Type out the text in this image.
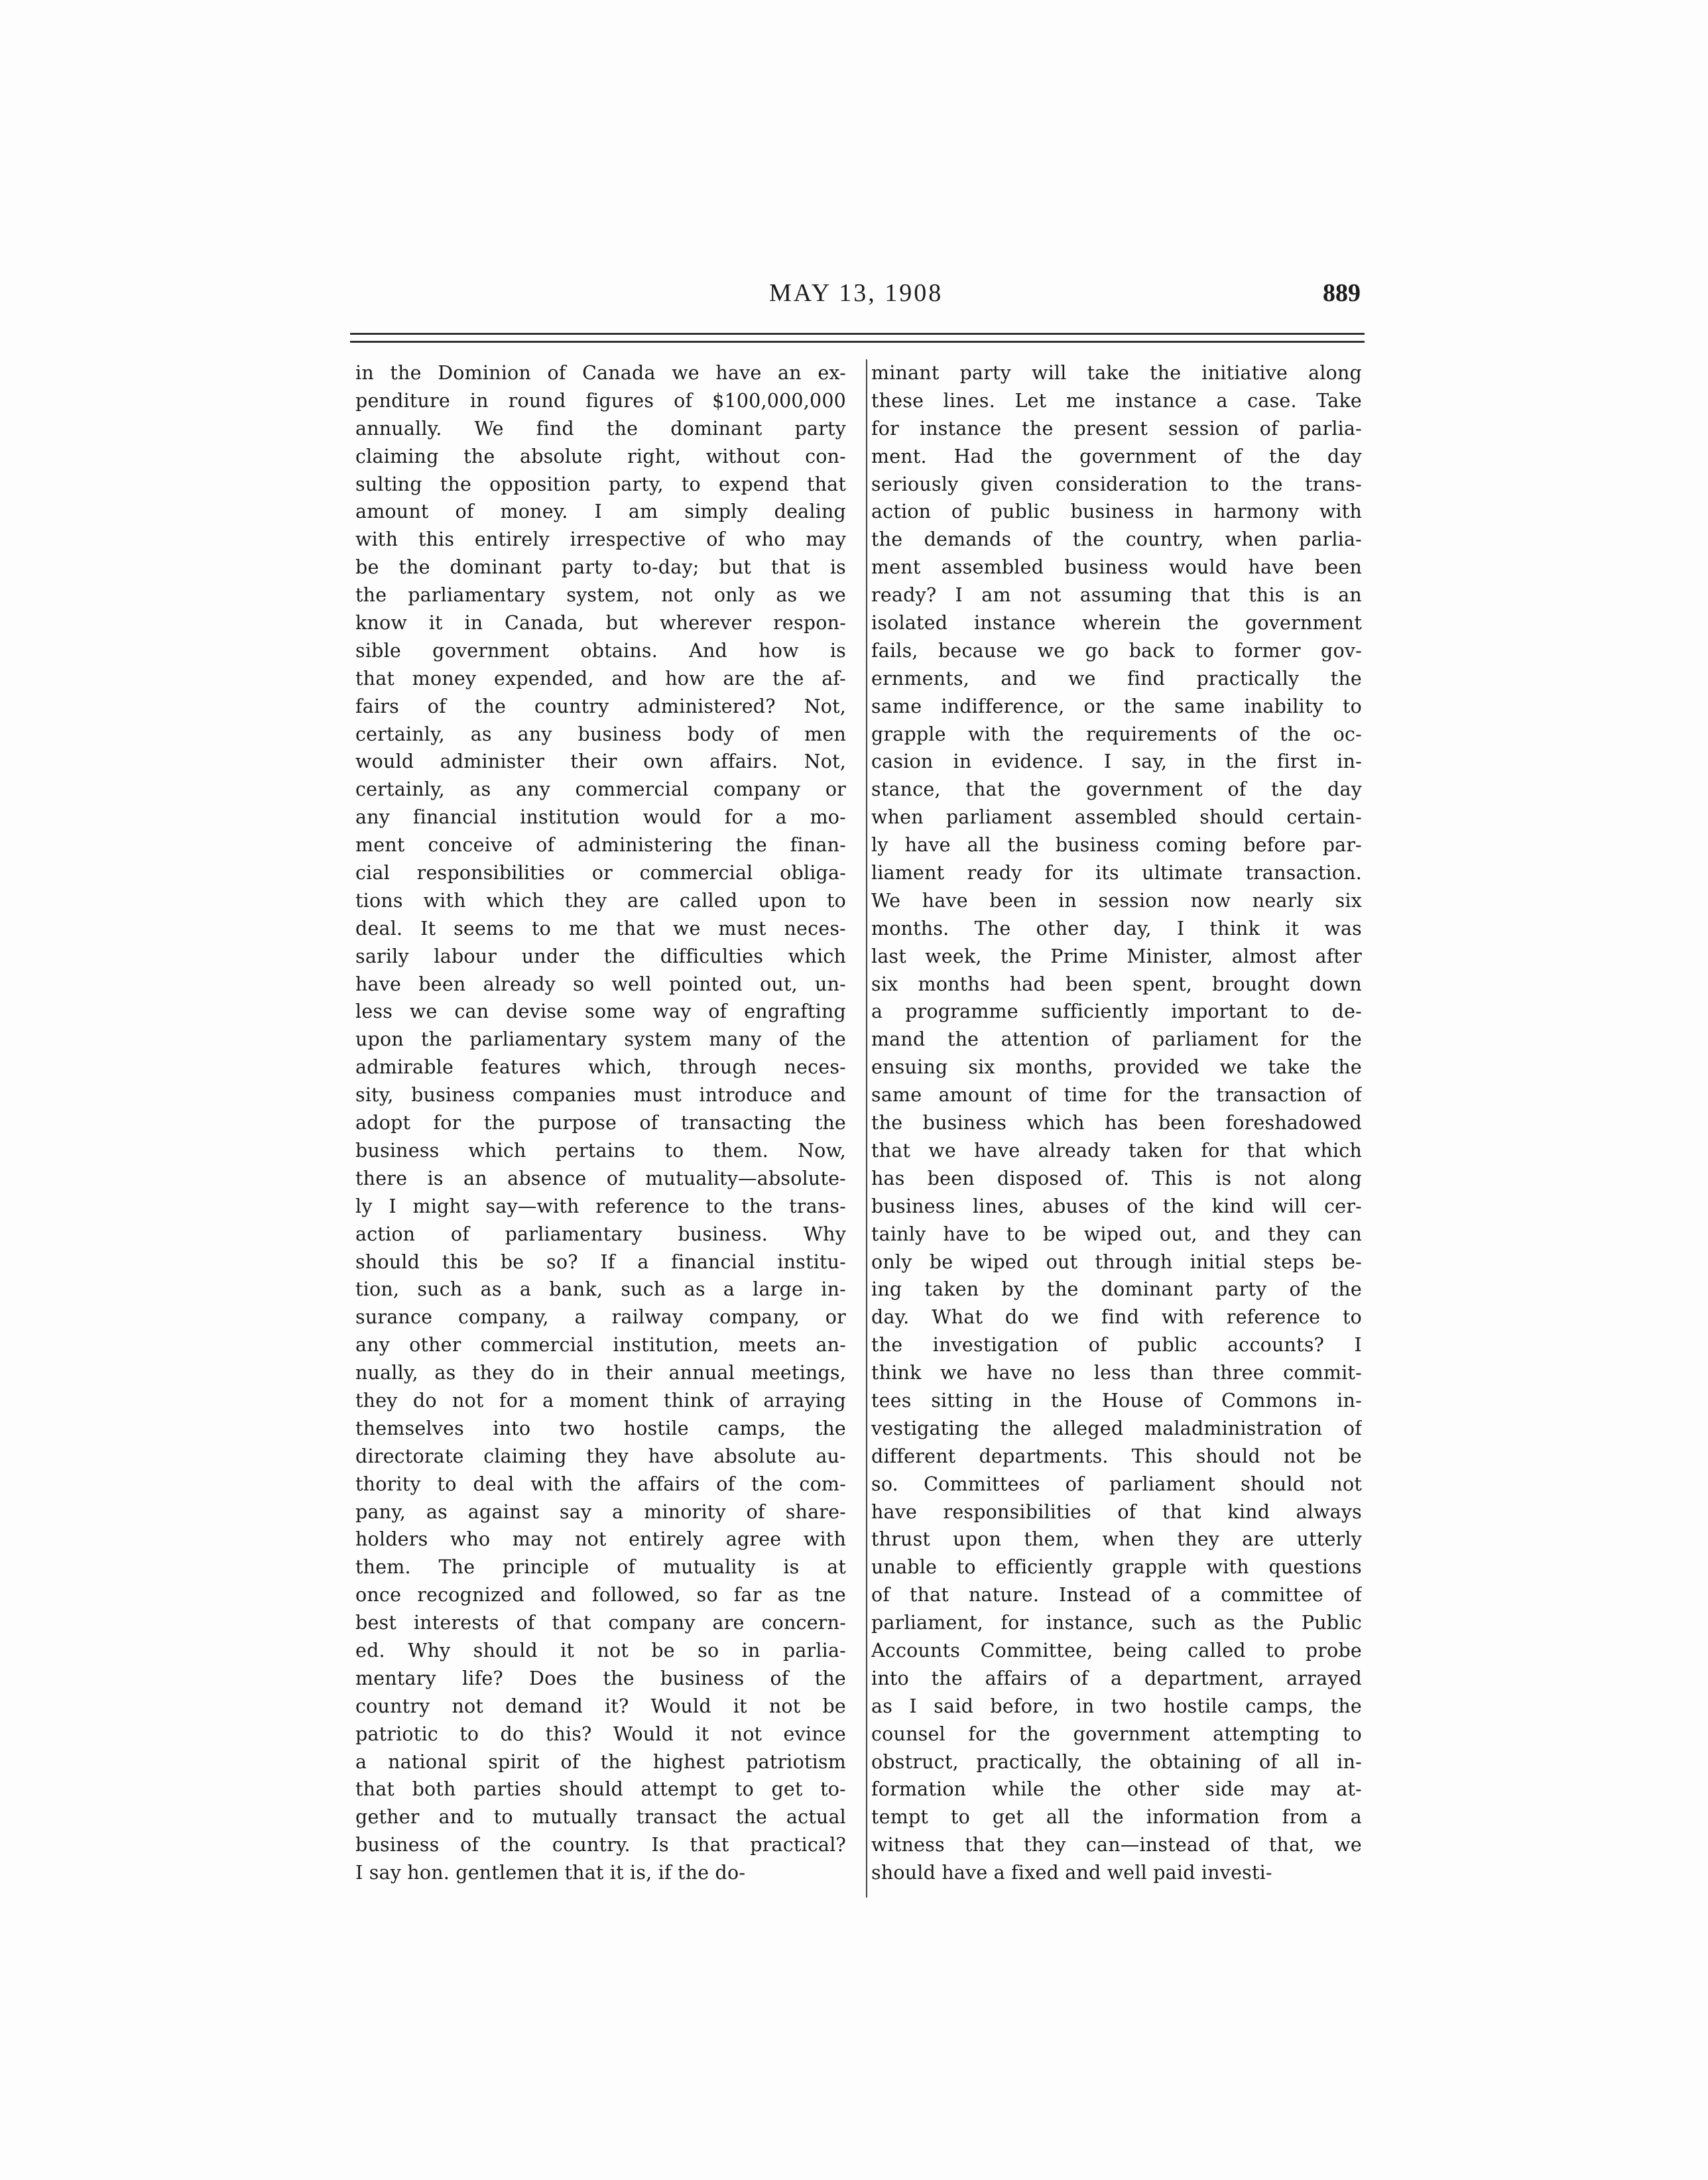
MAY 13, 1908	889
in the Dominion of Canada we have an ex-
penditure in round figures of $100,000,000
annually. We find the dominant party
claiming the absolute right, without con-
sulting the opposition party, to expend that
amount of money. I am simply dealing
with this entirely irrespective of who may
be the dominant party to-day; but that is
the parliamentary system, not only as we
know it in Canada, but wherever respon-
sible government obtains. And how is
that money expended, and how are the af-
fairs of the country administered? Not,
certainly, as any business body of men
would administer their own affairs. Not,
certainly, as any commercial company or
any financial institution would for a mo-
ment conceive of administering the finan-
cial responsibilities or commercial obliga-
tions with which they are called upon to
deal. It seems to me that we must neces-
sarily labour under the difficulties which
have been already so well pointed out, un-
less we can devise some way of engrafting
upon the parliamentary system many of the
admirable features which, through neces-
sity, business companies must introduce and
adopt for the purpose of transacting the
business which pertains to them. Now,
there is an absence of mutuality—absolute-
ly I might say—with reference to the trans-
action of parliamentary business. Why
should this be so? If a financial institu-
tion, such as a bank, such as a large in-
surance company, a railway company, or
any other commercial institution, meets an-
nually, as they do in their annual meetings,
they do not for a moment think of arraying
themselves into two hostile camps, the
directorate claiming they have absolute au-
thority to deal with the affairs of the com-
pany, as against say a minority of share-
holders who may not entirely agree with
them. The principle of mutuality is at
once recognized and followed, so far as tne
best interests of that company are concern-
ed. Why should it not be so in parlia-
mentary life? Does the business of the
country not demand it? Would it not be
patriotic to do this? Would it not evince
a national spirit of the highest patriotism
that both parties should attempt to get to-
gether and to mutually transact the actual
business of the country. Is that practical?
I say hon. gentlemen that it is, if the do-
minant party will take the initiative along
these lines. Let me instance a case. Take
for instance the present session of parlia-
ment. Had the government of the day
seriously given consideration to the trans-
action of public business in harmony with
the demands of the country, when parlia-
ment assembled business would have been
ready? I am not assuming that this is an
isolated instance wherein the government
fails, because we go back to former gov-
ernments, and we find practically the
same indifference, or the same inability to
grapple with the requirements of the oc-
casion in evidence. I say, in the first in-
stance, that the government of the day
when parliament assembled should certain-
ly have all the business coming before par-
liament ready for its ultimate transaction.
We have been in session now nearly six
months. The other day, I think it was
last week, the Prime Minister, almost after
six months had been spent, brought down
a programme sufficiently important to de-
mand the attention of parliament for the
ensuing six months, provided we take the
same amount of time for the transaction of
the business which has been foreshadowed
that we have already taken for that which
has been disposed of. This is not along
business lines, abuses of the kind will cer-
tainly have to be wiped out, and they can
only be wiped out through initial steps be-
ing taken by the dominant party of the
day. What do we find with reference to
the investigation of public accounts? I
think we have no less than three commit-
tees sitting in the House of Commons in-
vestigating the alleged maladministration of
different departments. This should not be
so. Committees of parliament should not
have responsibilities of that kind always
thrust upon them, when they are utterly
unable to efficiently grapple with questions
of that nature. Instead of a committee of
parliament, for instance, such as the Public
Accounts Committee, being called to probe
into the affairs of a department, arrayed
as I said before, in two hostile camps, the
counsel for the government attempting to
obstruct, practically, the obtaining of all in-
formation while the other side may at-
tempt to get all the information from a
witness that they can—instead of that, we
should have a fixed and well paid investi-
